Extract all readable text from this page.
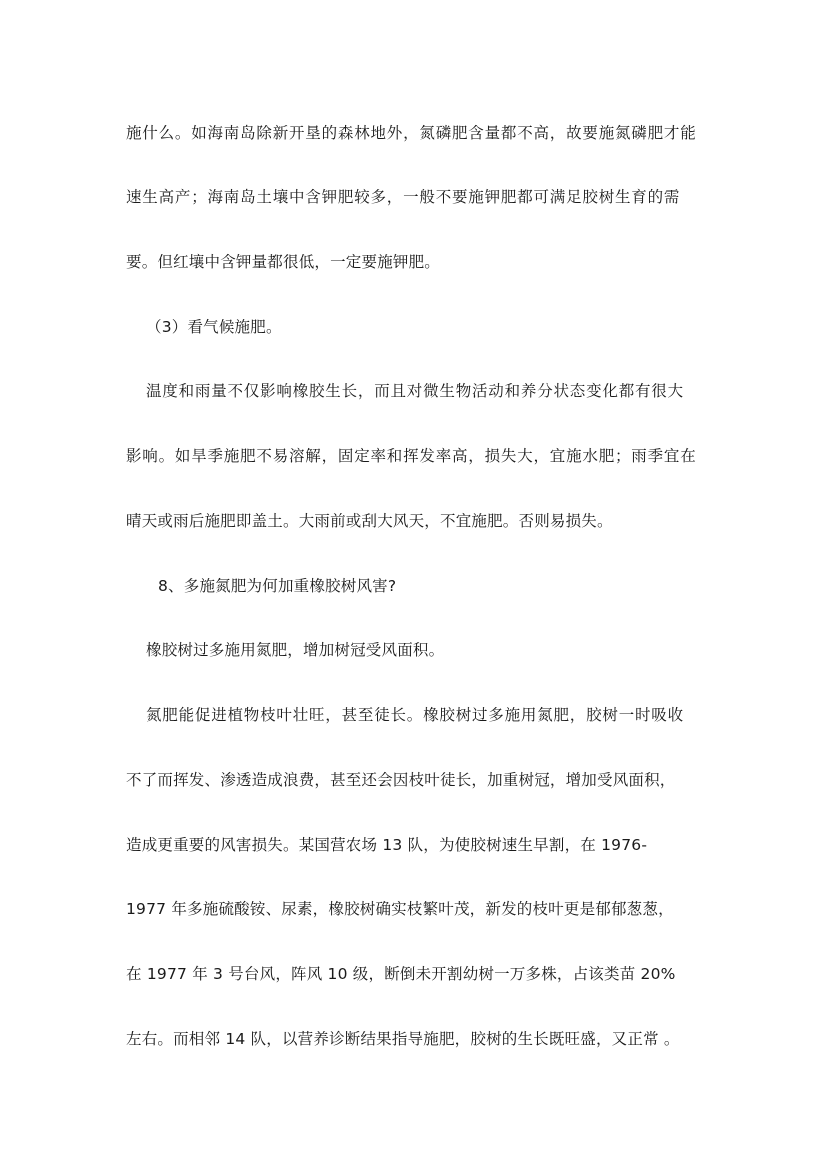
施什么。如海南岛除新开垦的森林地外，氮磷肥含量都不高，故要施氮磷肥才能
速生高产；海南岛土壤中含钾肥较多，一般不要施钾肥都可满足胶树生育的需
要。但红壤中含钾量都很低，一定要施钾肥。
（3）看气候施肥。
温度和雨量不仅影响橡胶生长，而且对微生物活动和养分状态变化都有很大
影响。如旱季施肥不易溶解，固定率和挥发率高，损失大，宜施水肥；雨季宜在
晴天或雨后施肥即盖土。大雨前或刮大风天，不宜施肥。否则易损失。
8、多施氮肥为何加重橡胶树风害?
橡胶树过多施用氮肥，增加树冠受风面积。
氮肥能促进植物枝叶壮旺，甚至徒长。橡胶树过多施用氮肥，胶树一时吸收
不了而挥发、渗透造成浪费，甚至还会因枝叶徒长，加重树冠，增加受风面积，
造成更重要的风害损失。某国营农场 13 队，为使胶树速生早割，在 1976-
1977 年多施硫酸铵、尿素，橡胶树确实枝繁叶茂，新发的枝叶更是郁郁葱葱，
在 1977 年 3 号台风，阵风 10 级，断倒未开割幼树一万多株，占该类苗 20%
左右。而相邻 14 队，以营养诊断结果指导施肥，胶树的生长既旺盛，又正常 。
